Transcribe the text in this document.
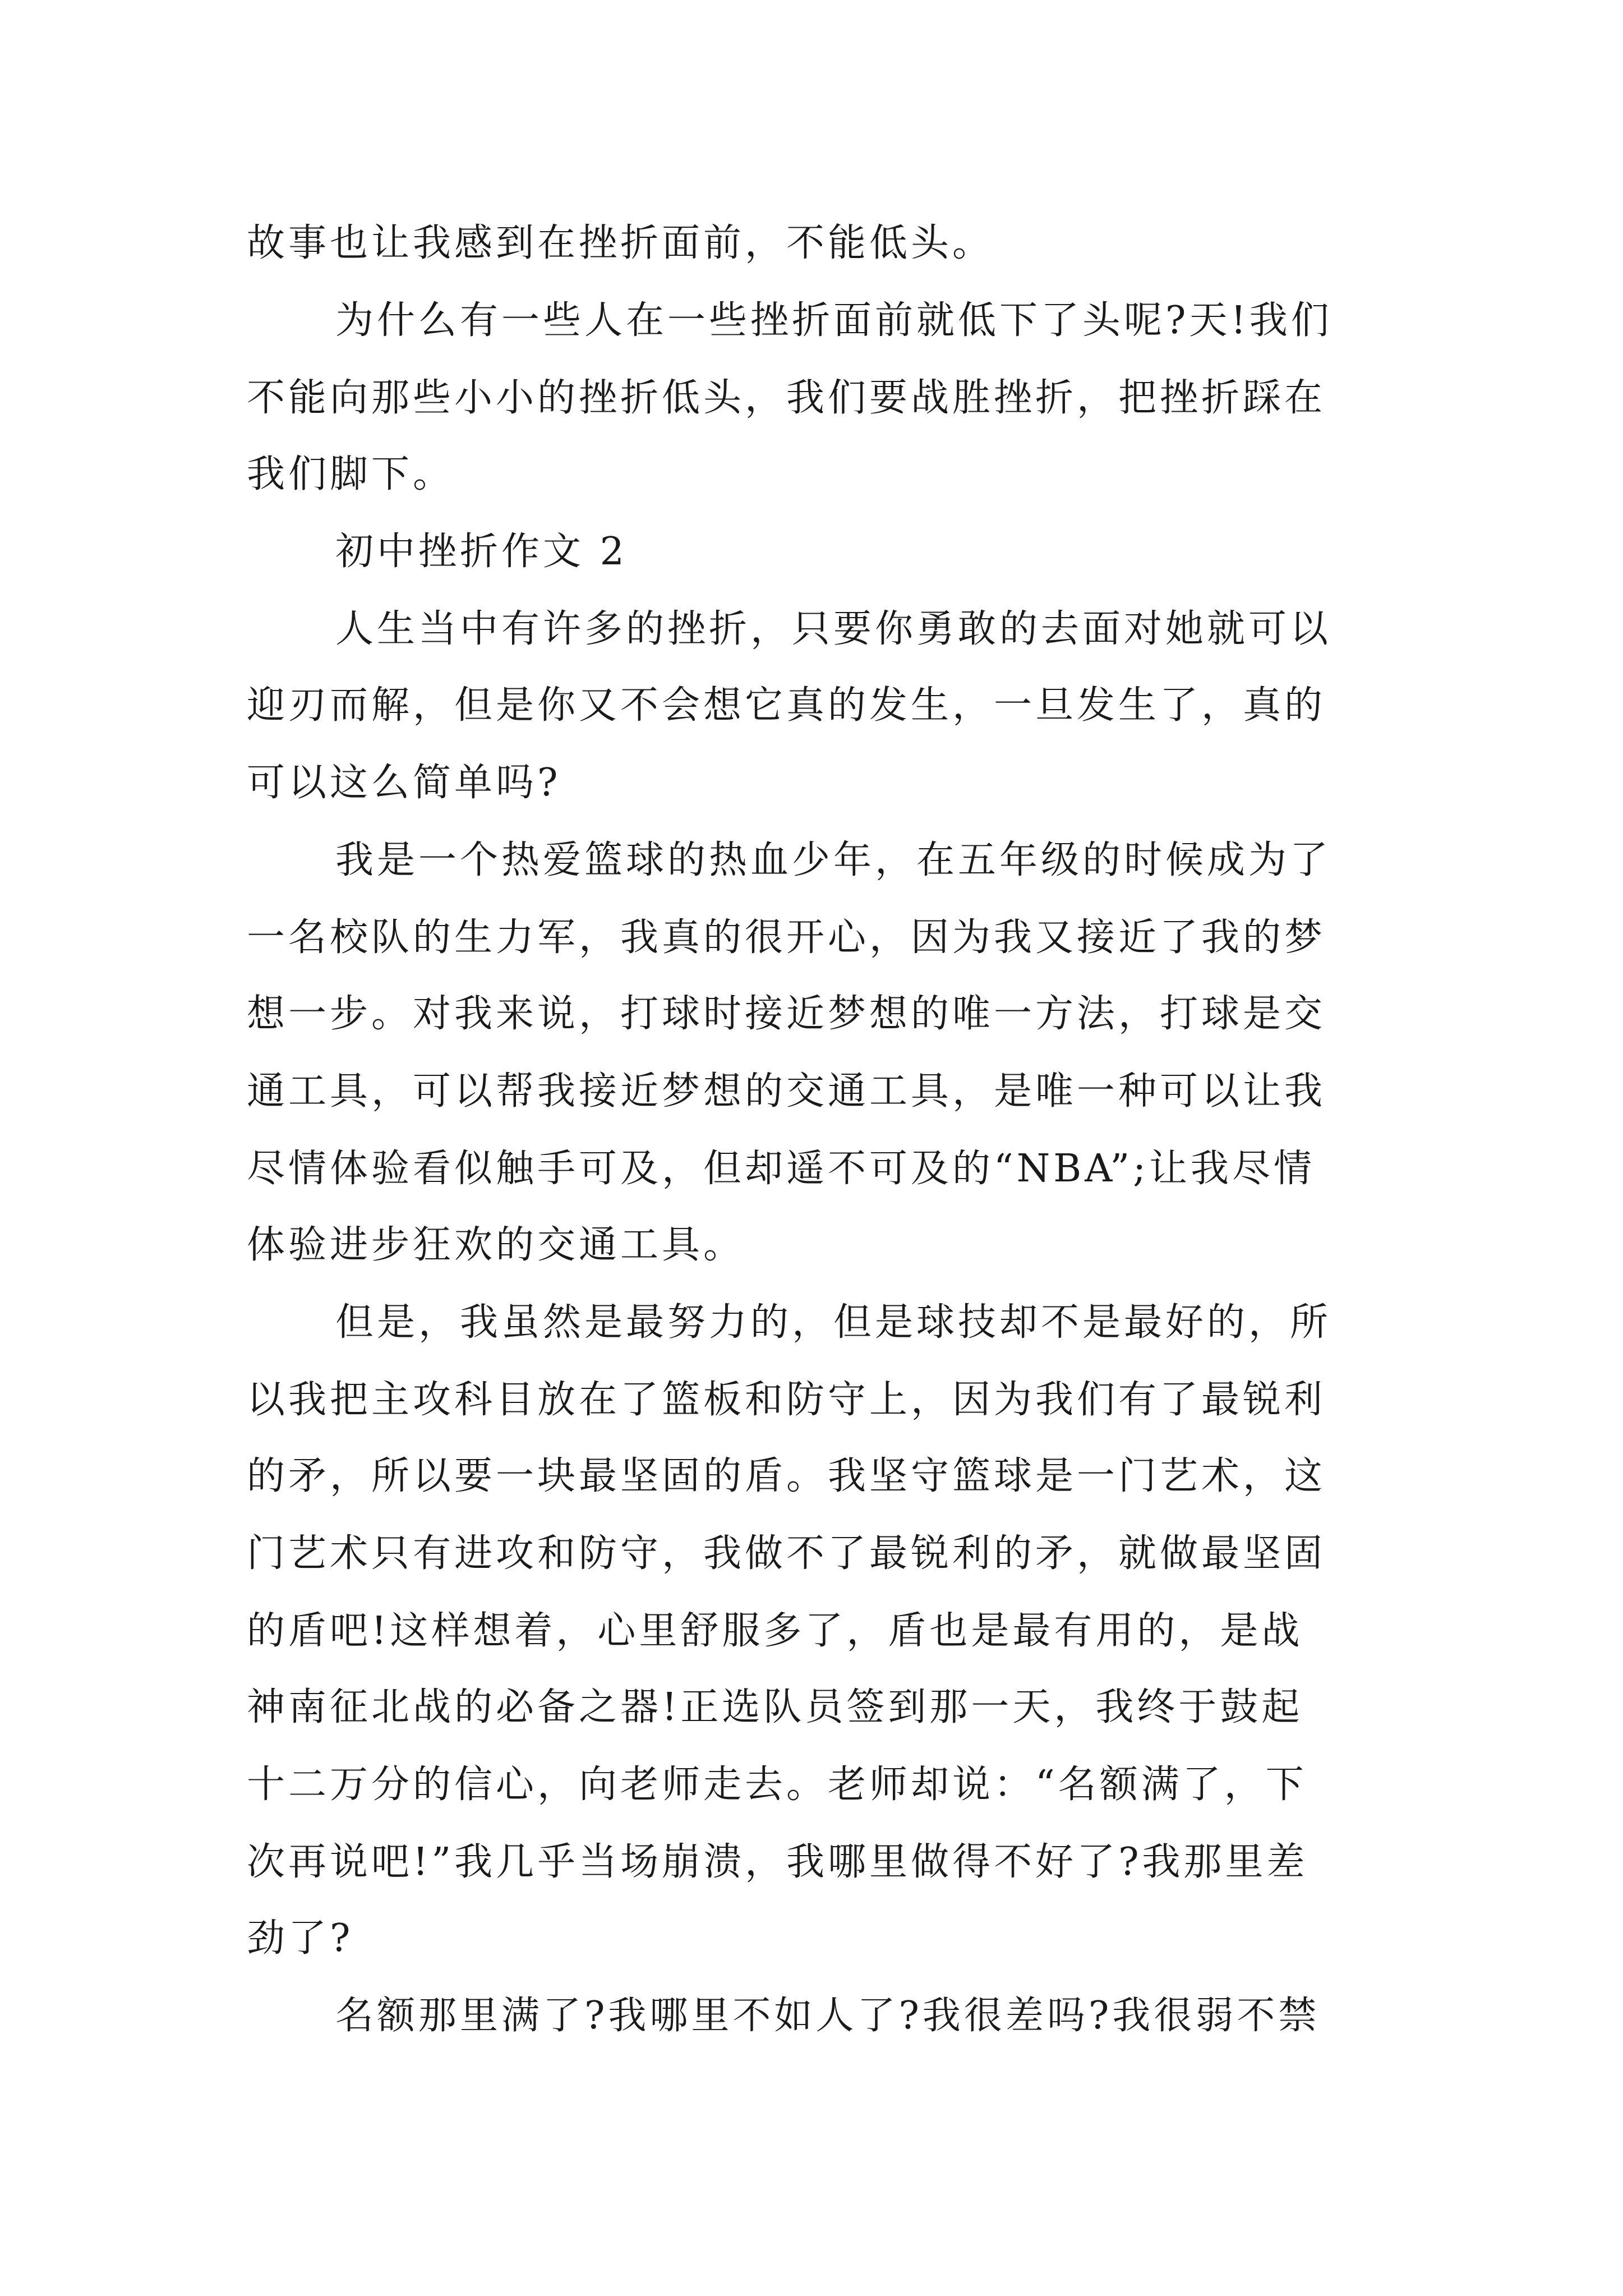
故事也让我感到在挫折面前，不能低头。
为什么有一些人在一些挫折面前就低下了头呢?天!我们
不能向那些小小的挫折低头，我们要战胜挫折，把挫折踩在
我们脚下。
初中挫折作文 2
人生当中有许多的挫折，只要你勇敢的去面对她就可以
迎刃而解，但是你又不会想它真的发生，一旦发生了，真的
可以这么简单吗?
我是一个热爱篮球的热血少年，在五年级的时候成为了
一名校队的生力军，我真的很开心，因为我又接近了我的梦
想一步。对我来说，打球时接近梦想的唯一方法，打球是交
通工具，可以帮我接近梦想的交通工具，是唯一种可以让我
尽情体验看似触手可及，但却遥不可及的“NBA”;让我尽情
体验进步狂欢的交通工具。
但是，我虽然是最努力的，但是球技却不是最好的，所
以我把主攻科目放在了篮板和防守上，因为我们有了最锐利
的矛，所以要一块最坚固的盾。我坚守篮球是一门艺术，这
门艺术只有进攻和防守，我做不了最锐利的矛，就做最坚固
的盾吧!这样想着，心里舒服多了，盾也是最有用的，是战
神南征北战的必备之器!正选队员签到那一天，我终于鼓起
十二万分的信心，向老师走去。老师却说：“名额满了，下
次再说吧!”我几乎当场崩溃，我哪里做得不好了?我那里差
劲了?
名额那里满了?我哪里不如人了?我很差吗?我很弱不禁
